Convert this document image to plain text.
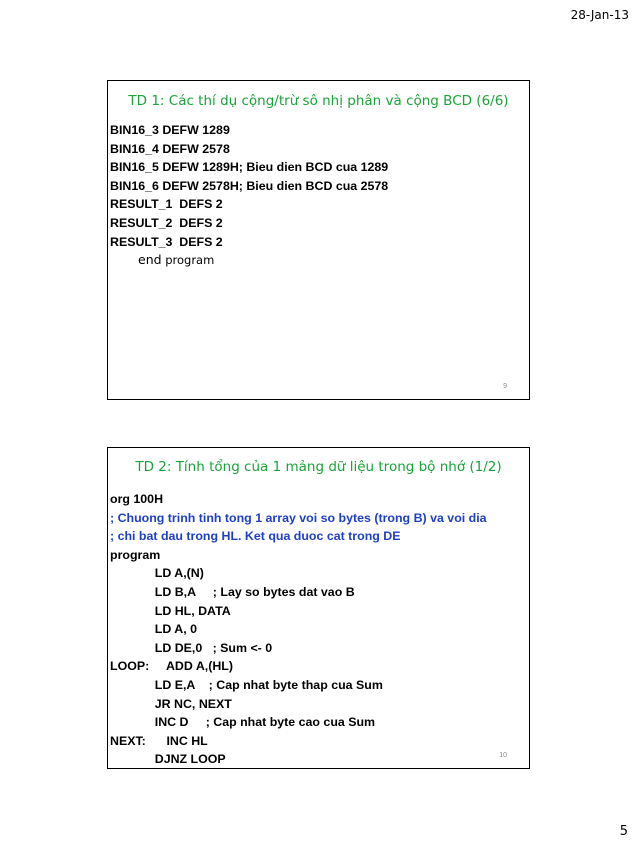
28-Jan-13
TD 1: Các thí dụ cộng/trừ sô nhị phân và cộng BCD (6/6)
BIN16_3 DEFW 1289
BIN16_4 DEFW 2578
BIN16_5 DEFW 1289H; Bieu dien BCD cua 1289
BIN16_6 DEFW 2578H; Bieu dien BCD cua 2578
RESULT_1  DEFS 2
RESULT_2  DEFS 2
RESULT_3  DEFS 2
end program
9
TD 2: Tính tổng của 1 mảng dữ liệu trong bộ nhớ (1/2)
org 100H
; Chuong trinh tinh tong 1 array voi so bytes (trong B) va voi dia
; chi bat dau trong HL. Ket qua duoc cat trong DE
program
LD A,(N)
LD B,A     ; Lay so bytes dat vao B
LD HL, DATA
LD A, 0
LD DE,0   ; Sum <- 0
LOOP:     ADD A,(HL)
LD E,A    ; Cap nhat byte thap cua Sum
JR NC, NEXT
INC D     ; Cap nhat byte cao cua Sum
NEXT:      INC HL
DJNZ LOOP	10
5
